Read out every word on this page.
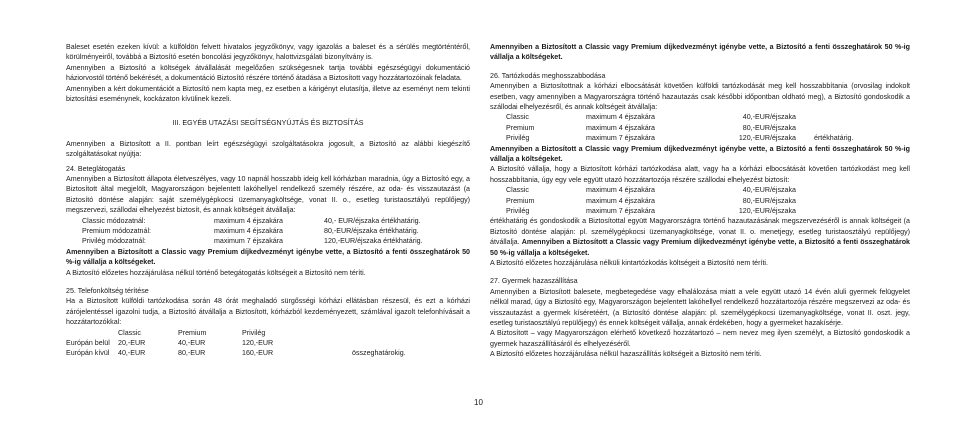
Baleset esetén ezeken kívül: a külföldön felvett hivatalos jegyzőkönyv, vagy igazolás a baleset és a sérülés megtörténtéről, körülményeiről, továbbá a Biztosító esetén boncolási jegyzőkönyv, halottvizsgálati bizonyítvány is.

Amennyiben a Biztosító a költségek átvállalását megelőzően szükségesnek tartja további egészségügyi dokumentáció háziorvostól történő bekérését, a dokumentáció Biztosító részére történő átadása a Biztosított vagy hozzátartozóinak feladata.

Amennyiben a kért dokumentációt a Biztosító nem kapta meg, ez esetben a kárigényt elutasítja, illetve az eseményt nem tekinti biztosítási eseménynek, kockázaton kívülinek kezeli.

III. EGYÉB UTAZÁSI SEGÍTSÉGNYÚJTÁS ÉS BIZTOSÍTÁS

Amennyiben a Biztosított a II. pontban leírt egészségügyi szolgáltatásokra jogosult, a Biztosító az alábbi kiegészítő szolgáltatásokat nyújtja:

24. Beteglátogatás

Amennyiben a Biztosított állapota életveszélyes, vagy 10 napnál hosszabb ideig kell kórházban maradnia, úgy a Biztosító egy, a Biztosított által megjelölt, Magyarországon bejelentett lakóhellyel rendelkező személy részére, az oda- és visszautazást (a Biztosító döntése alapján: saját személygépkocsi üzemanyagköltsége, vonat II. o., esetleg turistaosztályú repülőjegy) megszervezi, szállodai elhelyezést biztosít, és annak költségeit átvállalja:

Classic módozatnál:	maximum 4 éjszakára	40,- EUR/éjszaka értékhatárig.
Premium módozatnál:	maximum 4 éjszakára	80,-EUR/éjszaka értékhatárig.
Privilég módozatnál:	maximum 7 éjszakára	120,-EUR/éjszaka értékhatárig.

Amennyiben a Biztosított a Classic vagy Premium díjkedvezményt igénybe vette, a Biztosító a fenti összeghatárok 50 %-ig vállalja a költségeket.

A Biztosító előzetes hozzájárulása nélkül történő betegátogatás költségeit a Biztosító nem téríti.

25. Telefonköltség térítése

Ha a Biztosított külföldi tartózkodása során 48 órát meghaladó sürgősségi kórházi ellátásban részesül, és ezt a kórházi zárójelentéssel igazolni tudja, a Biztosító átvállalja a Biztosított, kórházból kezdeményezett, számlával igazolt telefonhívásait a hozzátartozókkal:

Classic	Premium	Privilég
Európán belül	20,-EUR	40,-EUR	120,-EUR
Európán kívül	40,-EUR	80,-EUR	160,-EUR	összeghatárokig.

Amennyiben a Biztosított a Classic vagy Premium díjkedvezményt igénybe vette, a Biztosító a fenti összeghatárok 50 %-ig vállalja a költségeket.

26. Tartózkodás meghosszabbodása

Amennyiben a Biztosítottnak a kórházi elbocsátását követően külföldi tartózkodását meg kell hosszabbítania (orvosilag indokolt esetben, vagy amennyiben a Magyarországra történő hazautazás csak későbbi időpontban oldható meg), a Biztosító gondoskodik a szállodai elhelyezésről, és annak költségeit átvállalja:

Classic	maximum 4 éjszakára	40,-EUR/éjszaka
Premium	maximum 4 éjszakára	80,-EUR/éjszaka
Privilég	maximum 7 éjszakára	120,-EUR/éjszaka	értékhatárig.

Amennyiben a Biztosított a Classic vagy Premium díjkedvezményt igénybe vette, a Biztosító a fenti összeghatárok 50 %-ig vállalja a költségeket.

A Biztosító vállalja, hogy a Biztosított kórházi tartózkodása alatt, vagy ha a kórházi elbocsátását követően tartózkodást meg kell hosszabbítania, úgy egy vele együtt utazó hozzátartozója részére szállodai elhelyezést biztosít:

Classic	maximum 4 éjszakára	40,-EUR/éjszaka
Premium	maximum 4 éjszakára	80,-EUR/éjszaka
Privilég	maximum 7 éjszakára	120,-EUR/éjszaka

értékhatárig és gondoskodik a Biztosítottal együtt Magyarországra történő hazautazásának megszervezéséről is annak költségeit (a Biztosító döntése alapján: pl. személygépkocsi üzemanyagköltsége, vonat II. o. menetjegy, esetleg turistaosztályú repülőjegy) átvállalja. Amennyiben a Biztosított a Classic vagy Premium díjkedvezményt igénybe vette, a Biztosító a fenti összeghatárok 50 %-ig vállalja a költségeket.

A Biztosító előzetes hozzájárulása nélküli kintartózkodás költségeit a Biztosító nem téríti.

27. Gyermek hazaszállítása

Amennyiben a Biztosított balesete, megbetegedése vagy elhalálozása miatt a vele együtt utazó 14 évén aluli gyermek felügyelet nélkül marad, úgy a Biztosító egy, Magyarországon bejelentett lakóhellyel rendelkező hozzátartozója részére megszervezi az oda- és visszautazást a gyermek kíséretéért, (a Biztosító döntése alapján: pl. személygépkocsi üzemanyagköltsége, vonat II. oszt. jegy, esetleg turistaosztályú repülőjegy) és ennek költségeit vállalja, annak érdekében, hogy a gyermeket hazakísérje.

A Biztosított – vagy Magyarországon elérhető következő hozzátartozó – nem nevez meg ilyen személyt, a Biztosító gondoskodik a gyermek hazaszállításáról és elhelyezéséről.

A Biztosító előzetes hozzájárulása nélkül hazaszállítás költségeit a Biztosító nem téríti.

10
